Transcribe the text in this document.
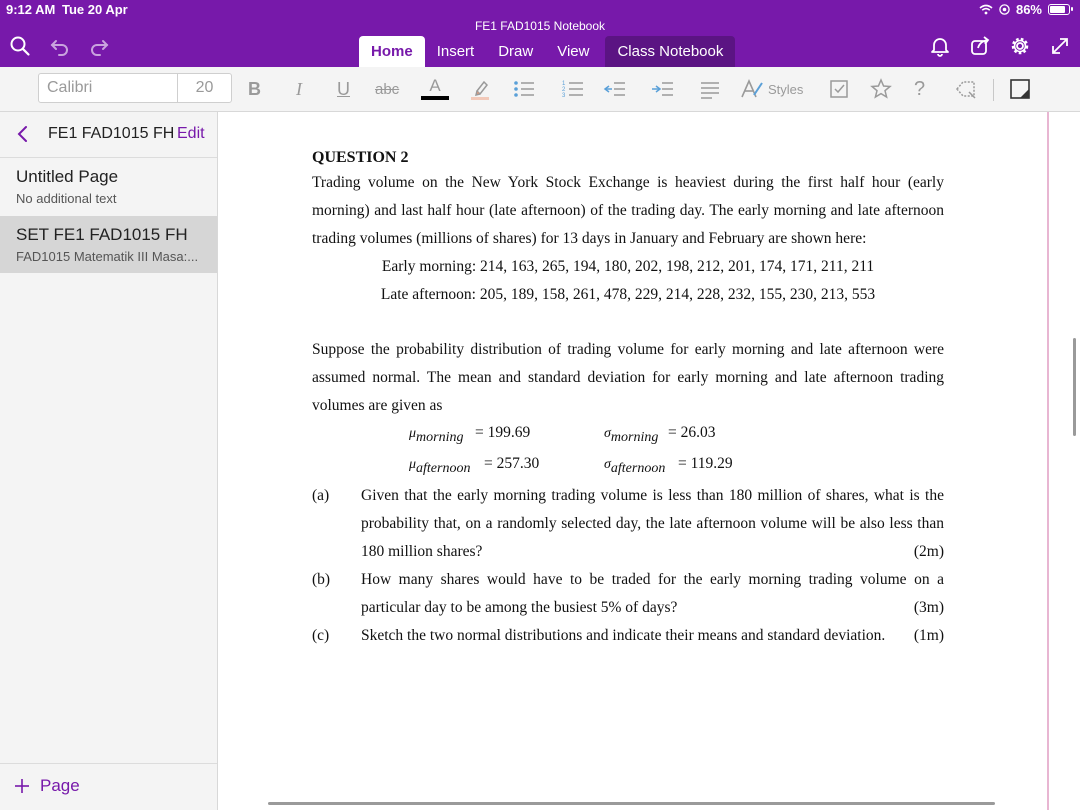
9:12 AM Tue 20 Apr	86%
FE1 FAD1015 Notebook
Home	Insert	Draw	View	Class Notebook
Calibri	20	B I U abc A	1
2
3	Styles	?
FE1 FAD1015 FH Edit
Untitled Page
No additional text
SET FE1 FAD1015 FH
FAD1015 Matematik III Masa:...
Page
QUESTION 2
Trading volume on the New York Stock Exchange is heaviest during the first half hour (early morning) and last half hour (late afternoon) of the trading day. The early morning and late afternoon trading volumes (millions of shares) for 13 days in January and February are shown here:
Early morning: 214, 163, 265, 194, 180, 202, 198, 212, 201, 174, 171, 211, 211
Late afternoon: 205, 189, 158, 261, 478, 229, 214, 228, 232, 155, 230, 213, 553
Suppose the probability distribution of trading volume for early morning and late afternoon were assumed normal. The mean and standard deviation for early morning and late afternoon trading volumes are given as
$\mu_{morning} = 199.69$	$\sigma_{morning} = 26.03$
$\mu_{afternoon} = 257.30$	$\sigma_{afternoon} = 119.29$
(a)	Given that the early morning trading volume is less than 180 million of shares, what is the probability that, on a randomly selected day, the late afternoon volume will be also less than 180 million shares?	(2m)
(b)	How many shares would have to be traded for the early morning trading volume on a particular day to be among the busiest 5% of days?	(3m)
(c)	Sketch the two normal distributions and indicate their means and standard deviation. (1m)
